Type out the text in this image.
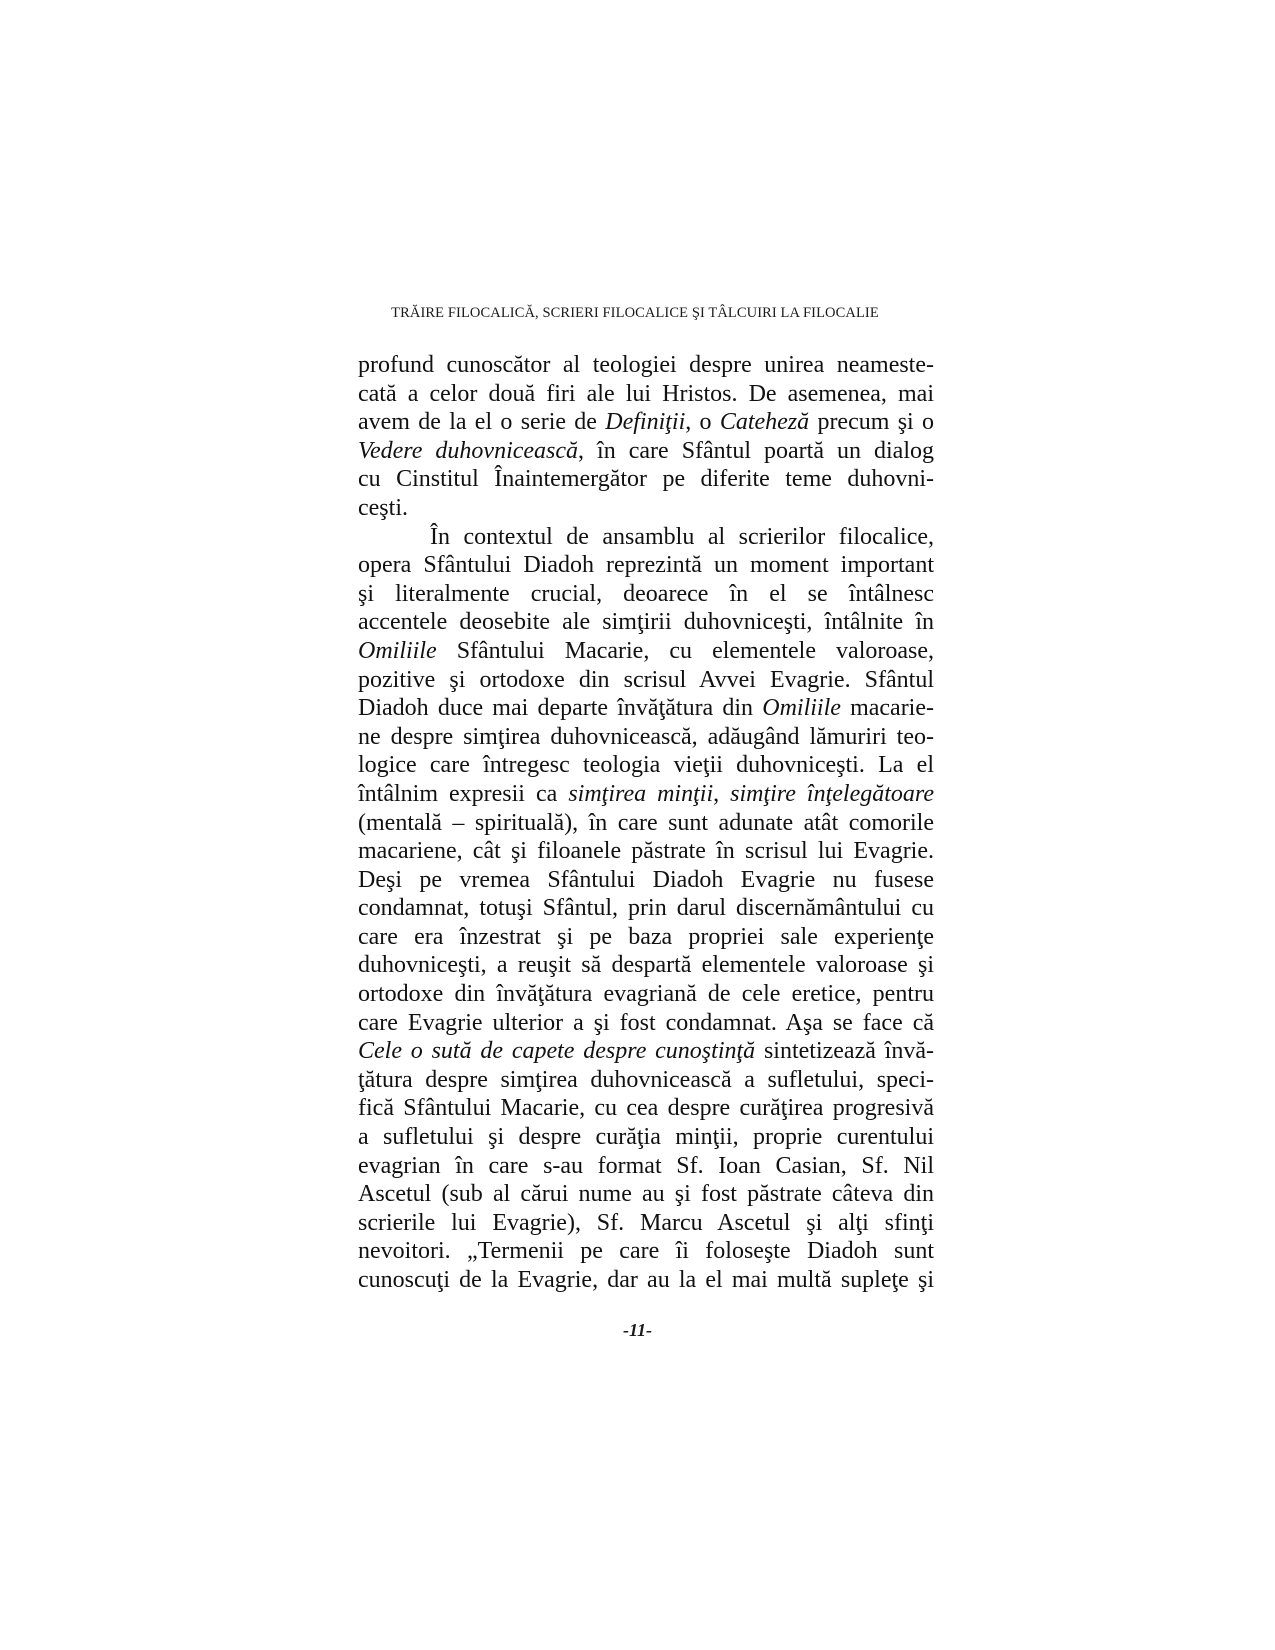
TRĂIRE FILOCALICĂ, SCRIERI FILOCALICE ŞI TÂLCUIRI LA FILOCALIE
profund cunoscător al teologiei despre unirea neameste-
cată a celor două firi ale lui Hristos. De asemenea, mai
avem de la el o serie de Definiţii, o Cateheză precum şi o
Vedere duhovnicească, în care Sfântul poartă un dialog
cu Cinstitul Înaintemergător pe diferite teme duhovni-
ceşti.
În contextul de ansamblu al scrierilor filocalice,
opera Sfântului Diadoh reprezintă un moment important
şi literalmente crucial, deoarece în el se întâlnesc
accentele deosebite ale simţirii duhovniceşti, întâlnite în
Omiliile Sfântului Macarie, cu elementele valoroase,
pozitive şi ortodoxe din scrisul Avvei Evagrie. Sfântul
Diadoh duce mai departe învăţătura din Omiliile macarie-
ne despre simţirea duhovnicească, adăugând lămuriri teo-
logice care întregesc teologia vieţii duhovniceşti. La el
întâlnim expresii ca simţirea minţii, simţire înţelegătoare
(mentală – spirituală), în care sunt adunate atât comorile
macariene, cât şi filoanele păstrate în scrisul lui Evagrie.
Deşi pe vremea Sfântului Diadoh Evagrie nu fusese
condamnat, totuşi Sfântul, prin darul discernământului cu
care era înzestrat şi pe baza propriei sale experienţe
duhovniceşti, a reuşit să despartă elementele valoroase şi
ortodoxe din învăţătura evagriană de cele eretice, pentru
care Evagrie ulterior a şi fost condamnat. Aşa se face că
Cele o sută de capete despre cunoştinţă sintetizează învă-
ţătura despre simţirea duhovnicească a sufletului, speci-
fică Sfântului Macarie, cu cea despre curăţirea progresivă
a sufletului şi despre curăţia minţii, proprie curentului
evagrian în care s-au format Sf. Ioan Casian, Sf. Nil
Ascetul (sub al cărui nume au şi fost păstrate câteva din
scrierile lui Evagrie), Sf. Marcu Ascetul şi alţi sfinţi
nevoitori. „Termenii pe care îi foloseşte Diadoh sunt
cunoscuţi de la Evagrie, dar au la el mai multă supleţe şi
-11-
